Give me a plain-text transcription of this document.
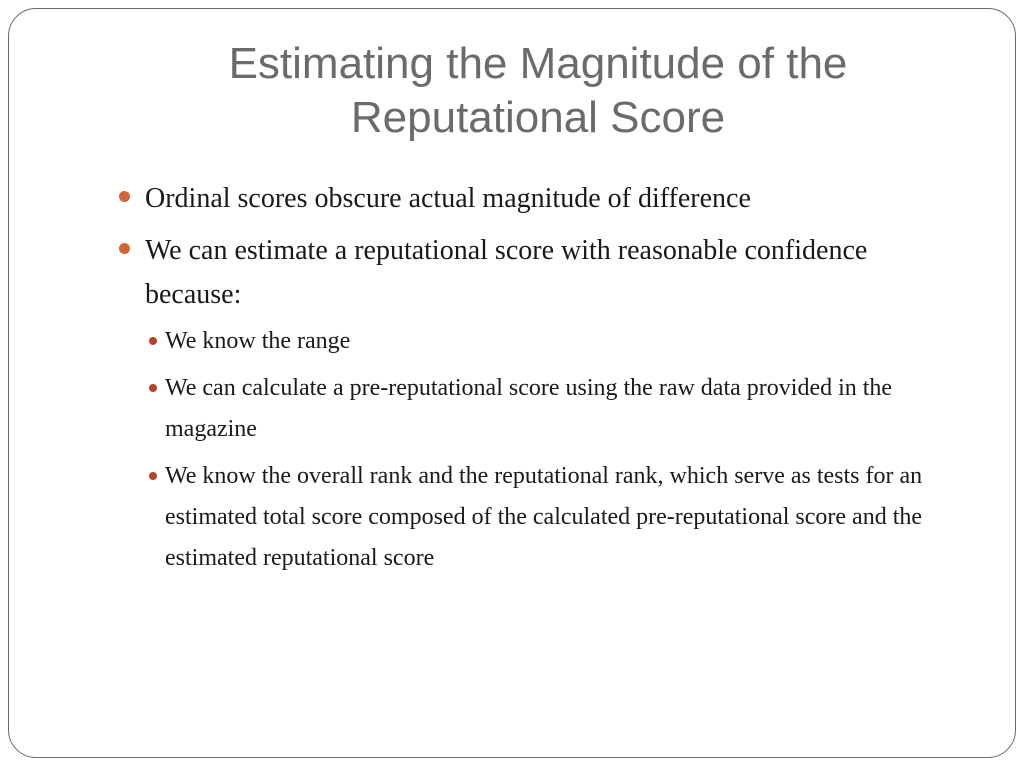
Estimating the Magnitude of the
Reputational Score
Ordinal scores obscure actual magnitude of difference
We can estimate a reputational score with reasonable confidence because:
We know the range
We can calculate a pre-reputational score using the raw data provided in the magazine
We know the overall rank and the reputational rank, which serve as tests for an estimated total score composed of the calculated pre-reputational score and the estimated reputational score
